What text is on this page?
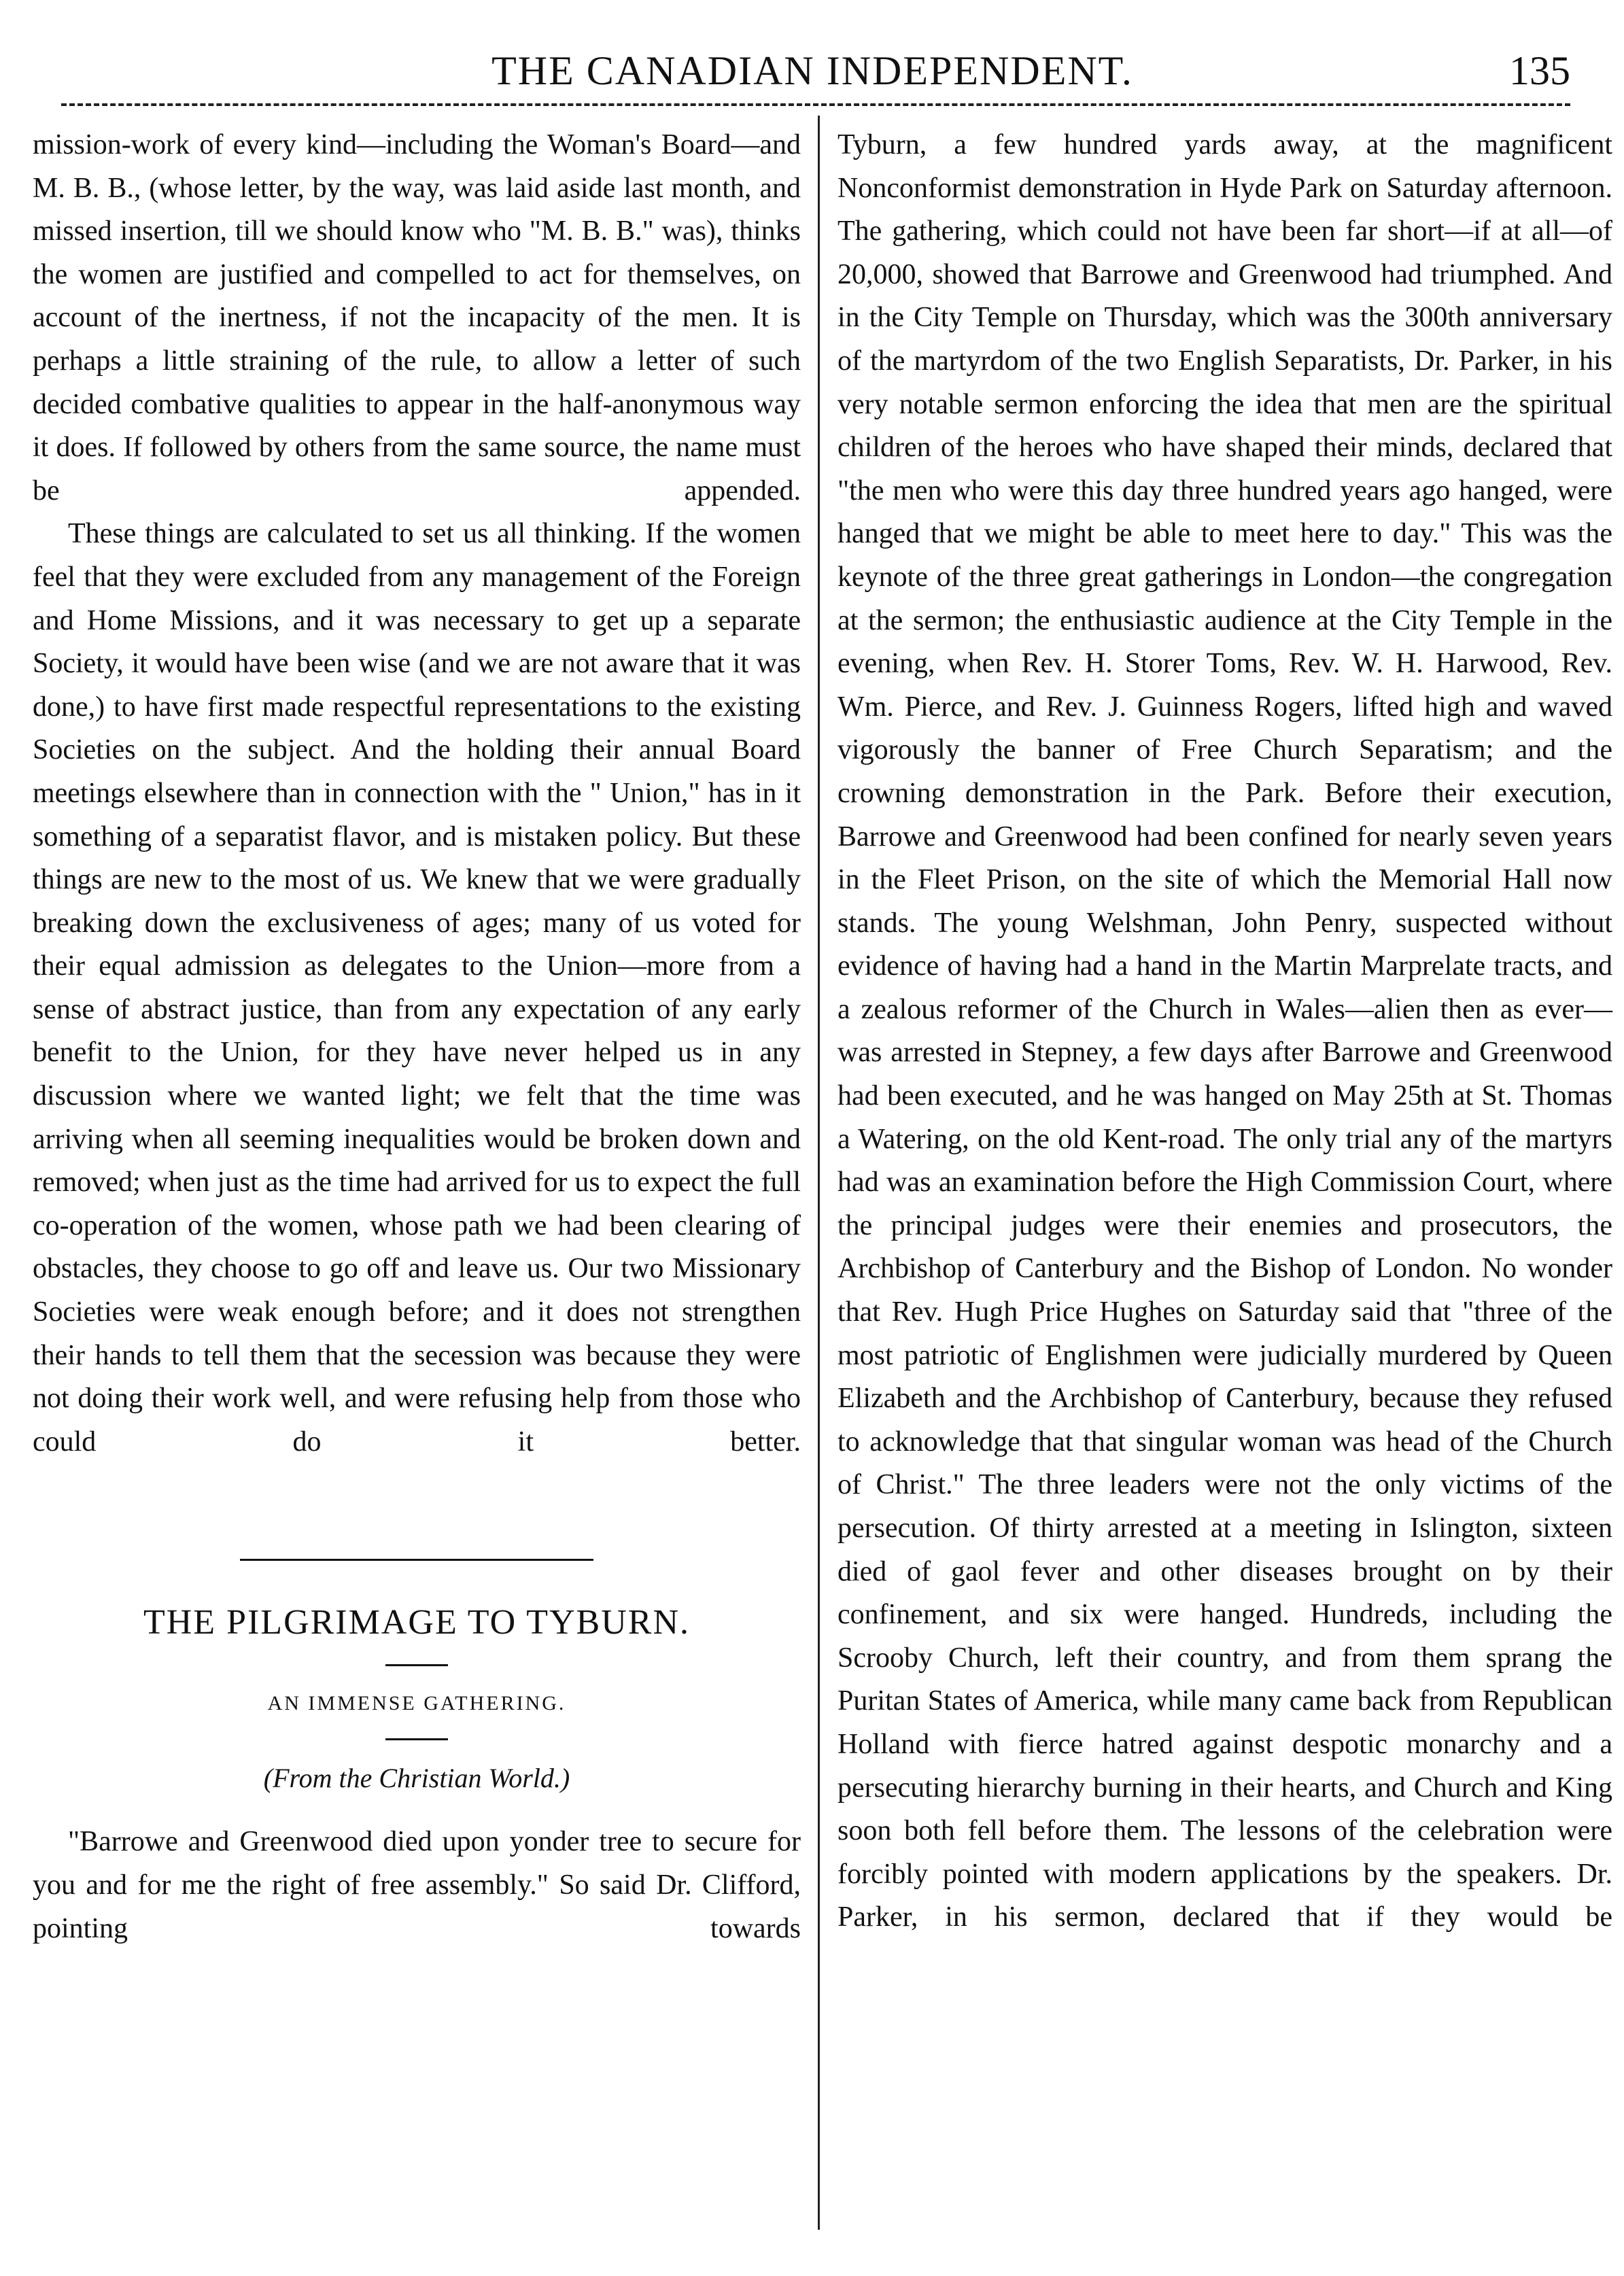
THE CANADIAN INDEPENDENT.	135

mission-work of every kind—including the Woman's Board—and M. B. B., (whose letter, by the way, was laid aside last month, and missed insertion, till we should know who "M. B. B." was), thinks the women are justified and compelled to act for themselves, on account of the inertness, if not the incapacity of the men. It is perhaps a little straining of the rule, to allow a letter of such decided combative qualities to appear in the half-anonymous way it does. If followed by others from the same source, the name must be appended.

These things are calculated to set us all thinking. If the women feel that they were excluded from any management of the Foreign and Home Missions, and it was necessary to get up a separate Society, it would have been wise (and we are not aware that it was done,) to have first made respectful representations to the existing Societies on the subject. And the holding their annual Board meetings elsewhere than in connection with the " Union," has in it something of a separatist flavor, and is mistaken policy. But these things are new to the most of us. We knew that we were gradually breaking down the exclusiveness of ages; many of us voted for their equal admission as delegates to the Union—more from a sense of abstract justice, than from any expectation of any early benefit to the Union, for they have never helped us in any discussion where we wanted light; we felt that the time was arriving when all seeming inequalities would be broken down and removed; when just as the time had arrived for us to expect the full co-operation of the women, whose path we had been clearing of obstacles, they choose to go off and leave us. Our two Missionary Societies were weak enough before; and it does not strengthen their hands to tell them that the secession was because they were not doing their work well, and were refusing help from those who could do it better.

THE PILGRIMAGE TO TYBURN.
AN IMMENSE GATHERING.
(From the Christian World.)

"Barrowe and Greenwood died upon yonder tree to secure for you and for me the right of free assembly." So said Dr. Clifford, pointing towards

Tyburn, a few hundred yards away, at the magnificent Nonconformist demonstration in Hyde Park on Saturday afternoon. The gathering, which could not have been far short—if at all—of 20,000, showed that Barrowe and Greenwood had triumphed. And in the City Temple on Thursday, which was the 300th anniversary of the martyrdom of the two English Separatists, Dr. Parker, in his very notable sermon enforcing the idea that men are the spiritual children of the heroes who have shaped their minds, declared that "the men who were this day three hundred years ago hanged, were hanged that we might be able to meet here to day." This was the keynote of the three great gatherings in London—the congregation at the sermon; the enthusiastic audience at the City Temple in the evening, when Rev. H. Storer Toms, Rev. W. H. Harwood, Rev. Wm. Pierce, and Rev. J. Guinness Rogers, lifted high and waved vigorously the banner of Free Church Separatism; and the crowning demonstration in the Park. Before their execution, Barrowe and Greenwood had been confined for nearly seven years in the Fleet Prison, on the site of which the Memorial Hall now stands. The young Welshman, John Penry, suspected without evidence of having had a hand in the Martin Marprelate tracts, and a zealous reformer of the Church in Wales—alien then as ever—was arrested in Stepney, a few days after Barrowe and Greenwood had been executed, and he was hanged on May 25th at St. Thomas a Watering, on the old Kent-road. The only trial any of the martyrs had was an examination before the High Commission Court, where the principal judges were their enemies and prosecutors, the Archbishop of Canterbury and the Bishop of London. No wonder that Rev. Hugh Price Hughes on Saturday said that "three of the most patriotic of Englishmen were judicially murdered by Queen Elizabeth and the Archbishop of Canterbury, because they refused to acknowledge that that singular woman was head of the Church of Christ." The three leaders were not the only victims of the persecution. Of thirty arrested at a meeting in Islington, sixteen died of gaol fever and other diseases brought on by their confinement, and six were hanged. Hundreds, including the Scrooby Church, left their country, and from them sprang the Puritan States of America, while many came back from Republican Holland with fierce hatred against despotic monarchy and a persecuting hierarchy burning in their hearts, and Church and King soon both fell before them. The lessons of the celebration were forcibly pointed with modern applications by the speakers. Dr. Parker, in his sermon, declared that if they would be
